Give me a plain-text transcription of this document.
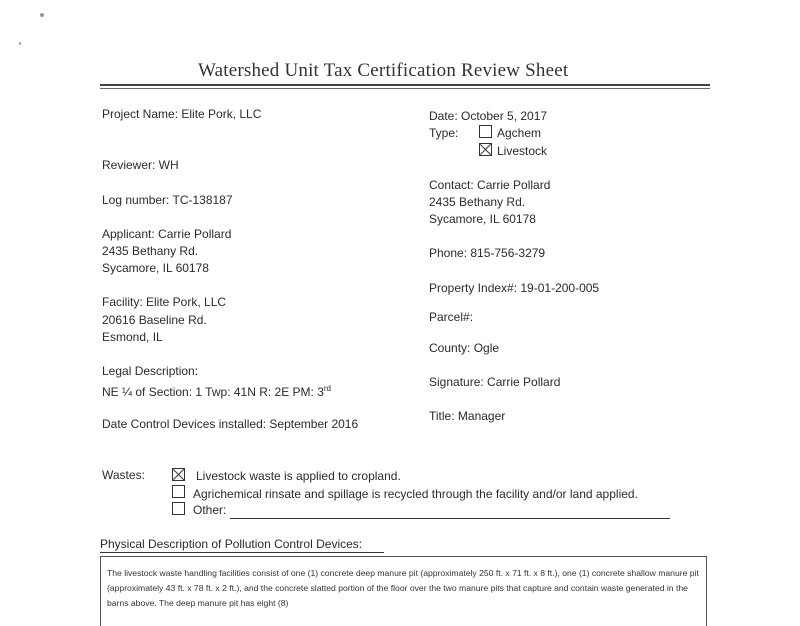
Watershed Unit Tax Certification Review Sheet
Project Name: Elite Pork, LLC
Reviewer: WH
Log number: TC-138187
Applicant: Carrie Pollard
2435 Bethany Rd.
Sycamore, IL 60178
Facility: Elite Pork, LLC
20616 Baseline Rd.
Esmond, IL
Legal Description:
NE ¼ of Section: 1 Twp: 41N R: 2E PM: 3rd
Date Control Devices installed: September 2016
Date: October 5, 2017
Type:	Agchem
Livestock
Contact: Carrie Pollard
2435 Bethany Rd.
Sycamore, IL 60178
Phone: 815-756-3279
Property Index#: 19-01-200-005
Parcel#:
County: Ogle
Signature: Carrie Pollard
Title: Manager
Wastes:	Livestock waste is applied to cropland.
Agrichemical rinsate and spillage is recycled through the facility and/or land applied.
Other:
Physical Description of Pollution Control Devices:
The livestock waste handling facilities consist of one (1) concrete deep manure pit (approximately 250 ft. x 71 ft. x 8 ft.), one (1) concrete shallow manure pit (approximately 43 ft. x 78 ft. x 2 ft.), and the concrete slatted portion of the floor over the two manure pits that capture and contain waste generated in the barns above. The deep manure pit has eight (8)
